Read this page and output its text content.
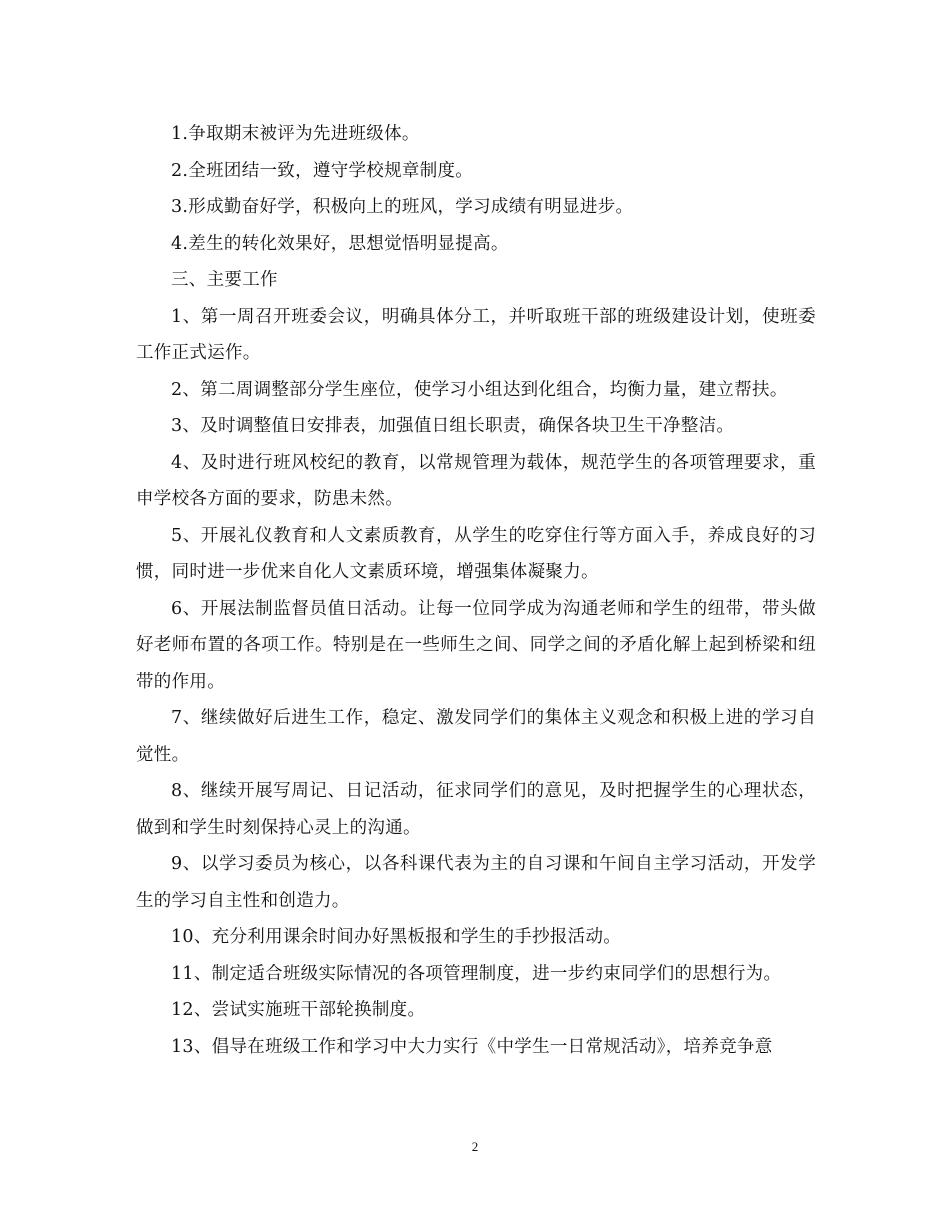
1.争取期末被评为先进班级体。

2.全班团结一致，遵守学校规章制度。

3.形成勤奋好学，积极向上的班风，学习成绩有明显进步。

4.差生的转化效果好，思想觉悟明显提高。

三、主要工作

1、第一周召开班委会议，明确具体分工，并听取班干部的班级建设计划，使班委工作正式运作。

2、第二周调整部分学生座位，使学习小组达到化组合，均衡力量，建立帮扶。

3、及时调整值日安排表，加强值日组长职责，确保各块卫生干净整洁。

4、及时进行班风校纪的教育，以常规管理为载体，规范学生的各项管理要求，重申学校各方面的要求，防患未然。

5、开展礼仪教育和人文素质教育，从学生的吃穿住行等方面入手，养成良好的习惯，同时进一步优来自化人文素质环境，增强集体凝聚力。

6、开展法制监督员值日活动。让每一位同学成为沟通老师和学生的纽带，带头做好老师布置的各项工作。特别是在一些师生之间、同学之间的矛盾化解上起到桥梁和纽带的作用。

7、继续做好后进生工作，稳定、激发同学们的集体主义观念和积极上进的学习自觉性。

8、继续开展写周记、日记活动，征求同学们的意见，及时把握学生的心理状态，做到和学生时刻保持心灵上的沟通。

9、以学习委员为核心，以各科课代表为主的自习课和午间自主学习活动，开发学生的学习自主性和创造力。

10、充分利用课余时间办好黑板报和学生的手抄报活动。

11、制定适合班级实际情况的各项管理制度，进一步约束同学们的思想行为。

12、尝试实施班干部轮换制度。

13、倡导在班级工作和学习中大力实行《中学生一日常规活动》，培养竞争意

2
